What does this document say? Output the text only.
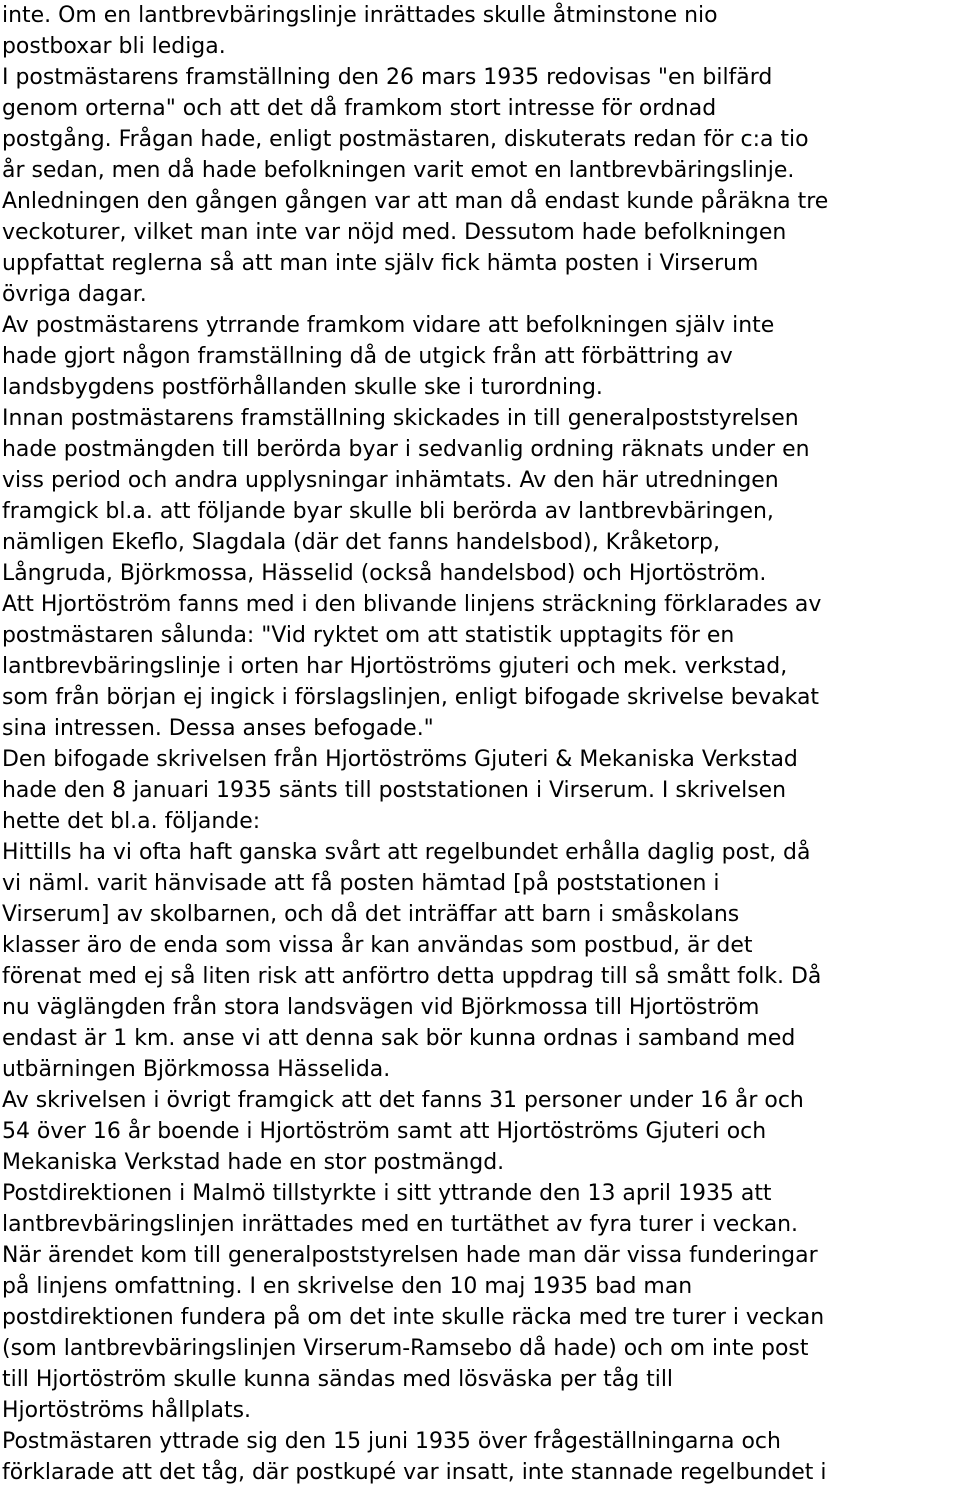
inte. Om en lantbrevbäringslinje inrättades skulle åtminstone nio
postboxar bli lediga.
I postmästarens framställning den 26 mars 1935 redovisas "en bilfärd
genom orterna" och att det då framkom stort intresse för ordnad
postgång. Frågan hade, enligt postmästaren, diskuterats redan för c:a tio
år sedan, men då hade befolkningen varit emot en lantbrevbäringslinje.
Anledningen den gången gången var att man då endast kunde påräkna tre
veckoturer, vilket man inte var nöjd med. Dessutom hade befolkningen
uppfattat reglerna så att man inte själv fick hämta posten i Virserum
övriga dagar.
Av postmästarens ytrrande framkom vidare att befolkningen själv inte
hade gjort någon framställning då de utgick från att förbättring av
landsbygdens postförhållanden skulle ske i turordning.
Innan postmästarens framställning skickades in till generalpoststyrelsen
hade postmängden till berörda byar i sedvanlig ordning räknats under en
viss period och andra upplysningar inhämtats. Av den här utredningen
framgick bl.a. att följande byar skulle bli berörda av lantbrevbäringen,
nämligen Ekeflo, Slagdala (där det fanns handelsbod), Kråketorp,
Långruda, Björkmossa, Hässelid (också handelsbod) och Hjortöström.
Att Hjortöström fanns med i den blivande linjens sträckning förklarades av
postmästaren sålunda: "Vid ryktet om att statistik upptagits för en
lantbrevbäringslinje i orten har Hjortöströms gjuteri och mek. verkstad,
som från början ej ingick i förslagslinjen, enligt bifogade skrivelse bevakat
sina intressen. Dessa anses befogade."
Den bifogade skrivelsen från Hjortöströms Gjuteri & Mekaniska Verkstad
hade den 8 januari 1935 sänts till poststationen i Virserum. I skrivelsen
hette det bl.a. följande:
Hittills ha vi ofta haft ganska svårt att regelbundet erhålla daglig post, då
vi näml. varit hänvisade att få posten hämtad [på poststationen i
Virserum] av skolbarnen, och då det inträffar att barn i småskolans
klasser äro de enda som vissa år kan användas som postbud, är det
förenat med ej så liten risk att anförtro detta uppdrag till så smått folk. Då
nu väglängden från stora landsvägen vid Björkmossa till Hjortöström
endast är 1 km. anse vi att denna sak bör kunna ordnas i samband med
utbärningen Björkmossa Hässelida.
Av skrivelsen i övrigt framgick att det fanns 31 personer under 16 år och
54 över 16 år boende i Hjortöström samt att Hjortöströms Gjuteri och
Mekaniska Verkstad hade en stor postmängd.
Postdirektionen i Malmö tillstyrkte i sitt yttrande den 13 april 1935 att
lantbrevbäringslinjen inrättades med en turtäthet av fyra turer i veckan.
När ärendet kom till generalpoststyrelsen hade man där vissa funderingar
på linjens omfattning. I en skrivelse den 10 maj 1935 bad man
postdirektionen fundera på om det inte skulle räcka med tre turer i veckan
(som lantbrevbäringslinjen Virserum-Ramsebo då hade) och om inte post
till Hjortöström skulle kunna sändas med lösväska per tåg till
Hjortöströms hållplats.
Postmästaren yttrade sig den 15 juni 1935 över frågeställningarna och
förklarade att det tåg, där postkupé var insatt, inte stannade regelbundet i
